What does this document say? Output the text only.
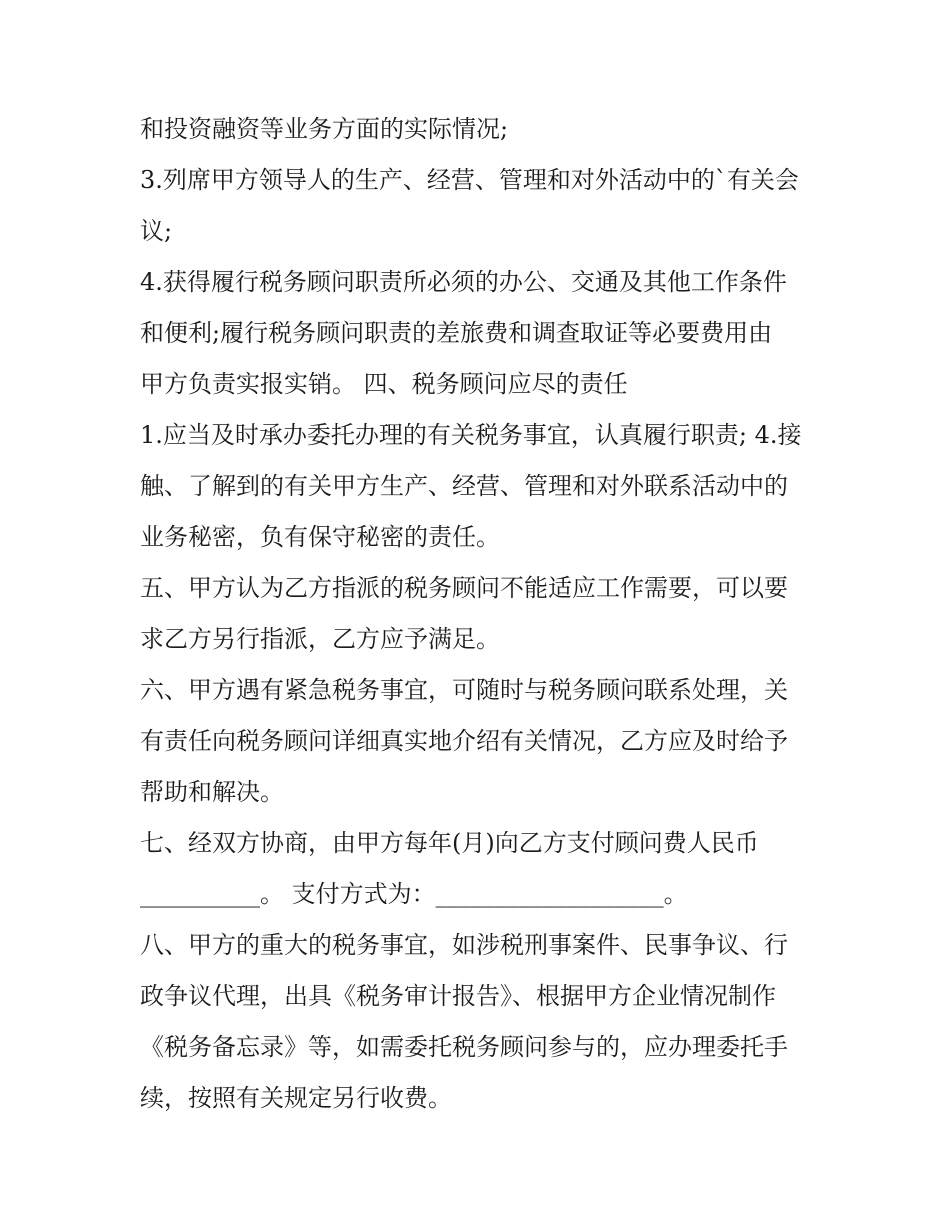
和投资融资等业务方面的实际情况;
3.列席甲方领导人的生产、经营、管理和对外活动中的`有关会
议;
4.获得履行税务顾问职责所必须的办公、交通及其他工作条件
和便利;履行税务顾问职责的差旅费和调查取证等必要费用由
甲方负责实报实销。 四、税务顾问应尽的责任
1.应当及时承办委托办理的有关税务事宜，认真履行职责; 4.接
触、了解到的有关甲方生产、经营、管理和对外联系活动中的
业务秘密，负有保守秘密的责任。
五、甲方认为乙方指派的税务顾问不能适应工作需要，可以要
求乙方另行指派，乙方应予满足。
六、甲方遇有紧急税务事宜，可随时与税务顾问联系处理，关
有责任向税务顾问详细真实地介绍有关情况，乙方应及时给予
帮助和解决。
七、经双方协商，由甲方每年(月)向乙方支付顾问费人民币
__________。 支付方式为：___________________。
八、甲方的重大的税务事宜，如涉税刑事案件、民事争议、行
政争议代理，出具《税务审计报告》、根据甲方企业情况制作
《税务备忘录》等，如需委托税务顾问参与的，应办理委托手
续，按照有关规定另行收费。
